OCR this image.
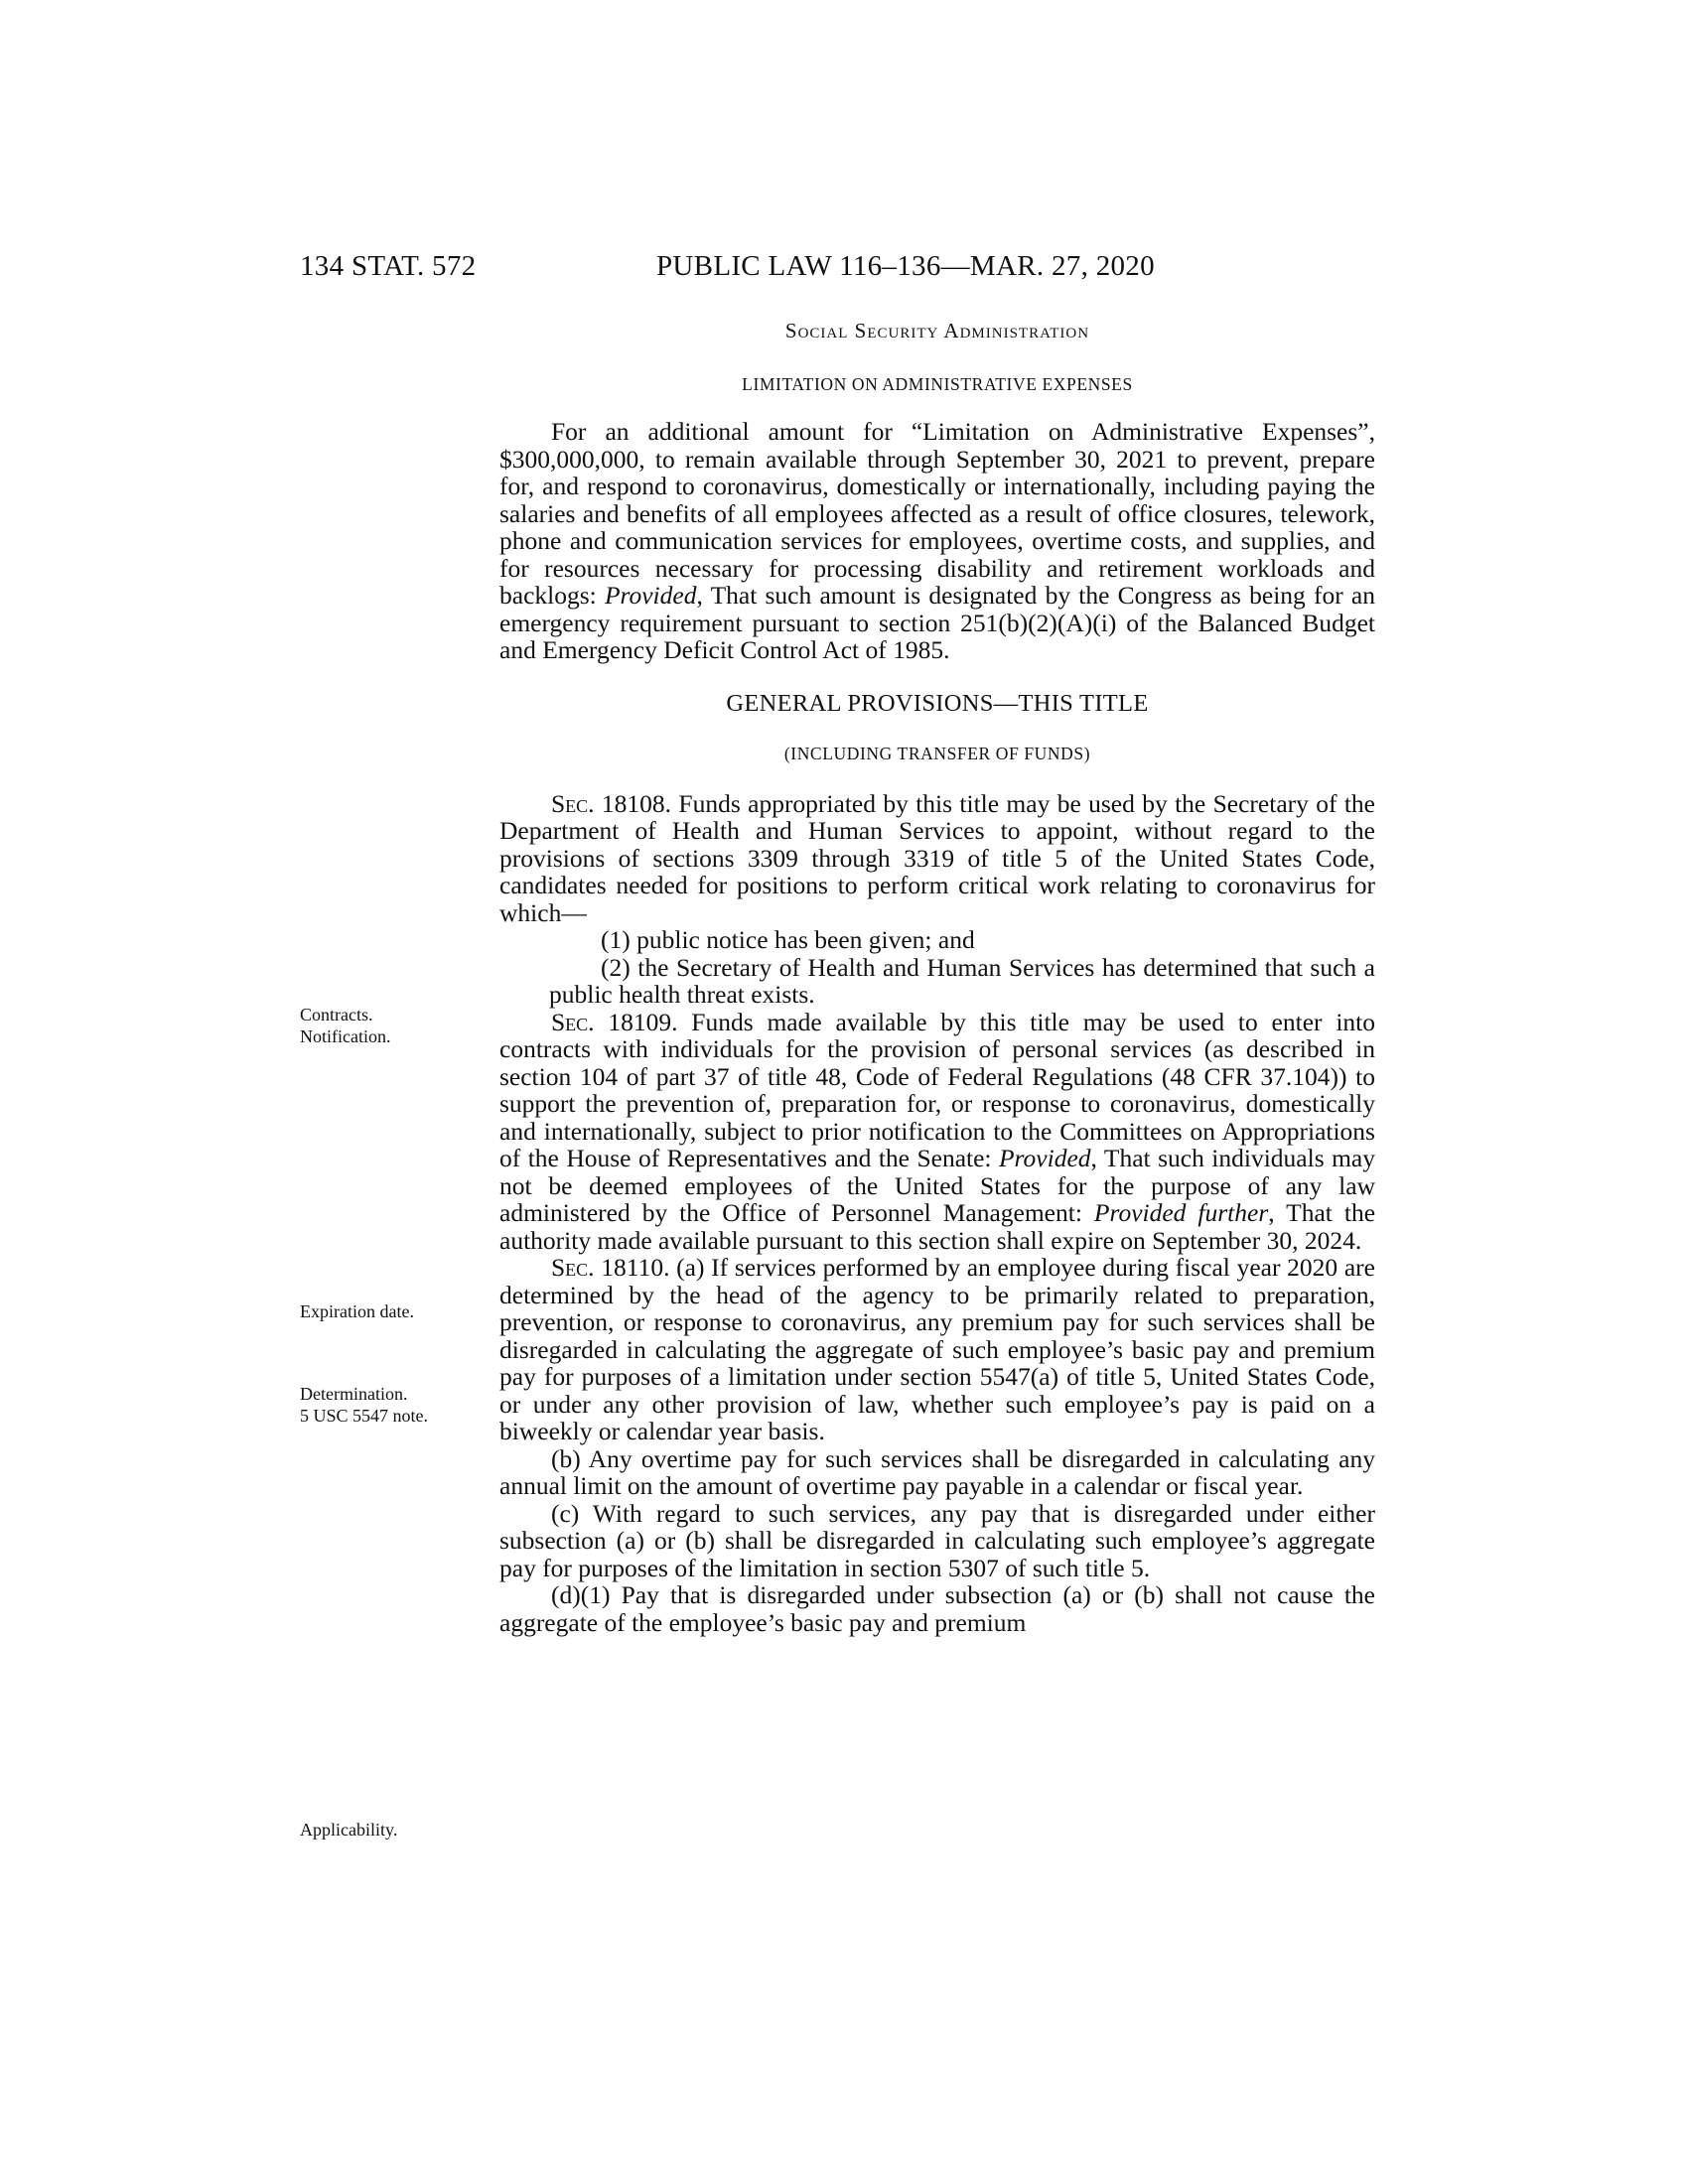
134 STAT. 572	PUBLIC LAW 116–136—MAR. 27, 2020
Contracts.
Notification.
Expiration date.
Determination.
5 USC 5547 note.
Applicability.
Social Security Administration
LIMITATION ON ADMINISTRATIVE EXPENSES

For an additional amount for “Limitation on Administrative Expenses”, $300,000,000, to remain available through September 30, 2021 to prevent, prepare for, and respond to coronavirus, domestically or internationally, including paying the salaries and benefits of all employees affected as a result of office closures, telework, phone and communication services for employees, overtime costs, and supplies, and for resources necessary for processing disability and retirement workloads and backlogs: Provided, That such amount is designated by the Congress as being for an emergency requirement pursuant to section 251(b)(2)(A)(i) of the Balanced Budget and Emergency Deficit Control Act of 1985.

GENERAL PROVISIONS—THIS TITLE
(INCLUDING TRANSFER OF FUNDS)

Sec. 18108. Funds appropriated by this title may be used by the Secretary of the Department of Health and Human Services to appoint, without regard to the provisions of sections 3309 through 3319 of title 5 of the United States Code, candidates needed for positions to perform critical work relating to coronavirus for which—

(1) public notice has been given; and

(2) the Secretary of Health and Human Services has determined that such a public health threat exists.

Sec. 18109. Funds made available by this title may be used to enter into contracts with individuals for the provision of personal services (as described in section 104 of part 37 of title 48, Code of Federal Regulations (48 CFR 37.104)) to support the prevention of, preparation for, or response to coronavirus, domestically and internationally, subject to prior notification to the Committees on Appropriations of the House of Representatives and the Senate: Provided, That such individuals may not be deemed employees of the United States for the purpose of any law administered by the Office of Personnel Management: Provided further, That the authority made available pursuant to this section shall expire on September 30, 2024.

Sec. 18110. (a) If services performed by an employee during fiscal year 2020 are determined by the head of the agency to be primarily related to preparation, prevention, or response to coronavirus, any premium pay for such services shall be disregarded in calculating the aggregate of such employee’s basic pay and premium pay for purposes of a limitation under section 5547(a) of title 5, United States Code, or under any other provision of law, whether such employee’s pay is paid on a biweekly or calendar year basis.

(b) Any overtime pay for such services shall be disregarded in calculating any annual limit on the amount of overtime pay payable in a calendar or fiscal year.

(c) With regard to such services, any pay that is disregarded under either subsection (a) or (b) shall be disregarded in calculating such employee’s aggregate pay for purposes of the limitation in section 5307 of such title 5.

(d)(1) Pay that is disregarded under subsection (a) or (b) shall not cause the aggregate of the employee’s basic pay and premium
